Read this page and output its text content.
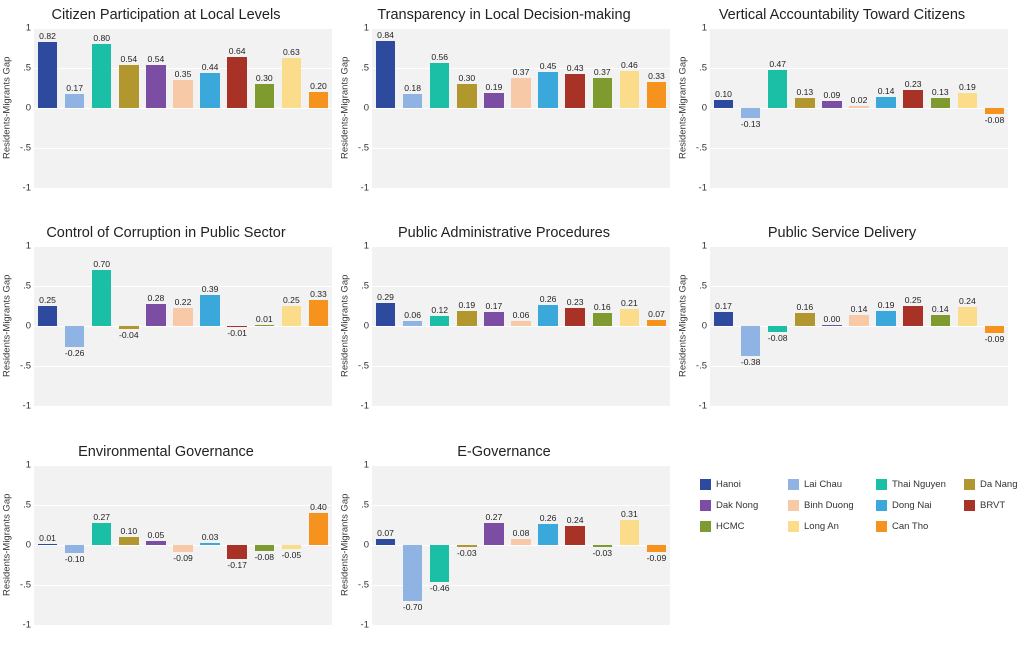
Citizen Participation at Local Levels
Residents-Migrants Gap
1
.5
0
-.5
-1
0.82
0.17
0.80
0.54 0.54
0.35
0.44
0.64
0.30
0.63
0.20
Transparency in Local Decision-making
Residents-Migrants Gap
1
.5
0
-.5
-1
0.84
0.18
0.56
0.30
0.19
0.37
0.45 0.43 0.37
0.46
0.33
Vertical Accountability Toward Citizens
Residents-Migrants Gap
1
.5
0
-.5
-1
0.10
-0.13
0.47
0.13 0.09
0.02
0.14
0.23
0.13 0.19
-0.08
Control of Corruption in Public Sector
Residents-Migrants Gap
1
.5
0
-.5
-1
0.25
-0.26
0.70
-0.04
0.28 0.22
0.39
-0.01
0.01
0.25
0.33
Public Administrative Procedures
Residents-Migrants Gap
1
.5
0
-.5
-1
0.29
0.06 0.12
0.19 0.17
0.06
0.26 0.23
0.16 0.21
0.07
Public Service Delivery
Residents-Migrants Gap
1
.5
0
-.5
-1
0.17
-0.38
-0.08
0.16
0.00
0.14 0.19 0.25
0.14
0.24
-0.09
Environmental Governance
Residents-Migrants Gap
1
.5
0
-.5
-1
0.01
-0.10
0.27
0.10 0.05
-0.09
0.03
-0.17
-0.08 -0.05
0.40
E-Governance
Residents-Migrants Gap
1
.5
0
-.5
-1
0.07
-0.70
-0.46
-0.03
0.27
0.08
0.26 0.24
-0.03
0.31
-0.09
Hanoi	Lai Chau	Thai Nguyen	Da Nang
Dak Nong	Binh Duong	Dong Nai	BRVT
HCMC	Long An	Can Tho
